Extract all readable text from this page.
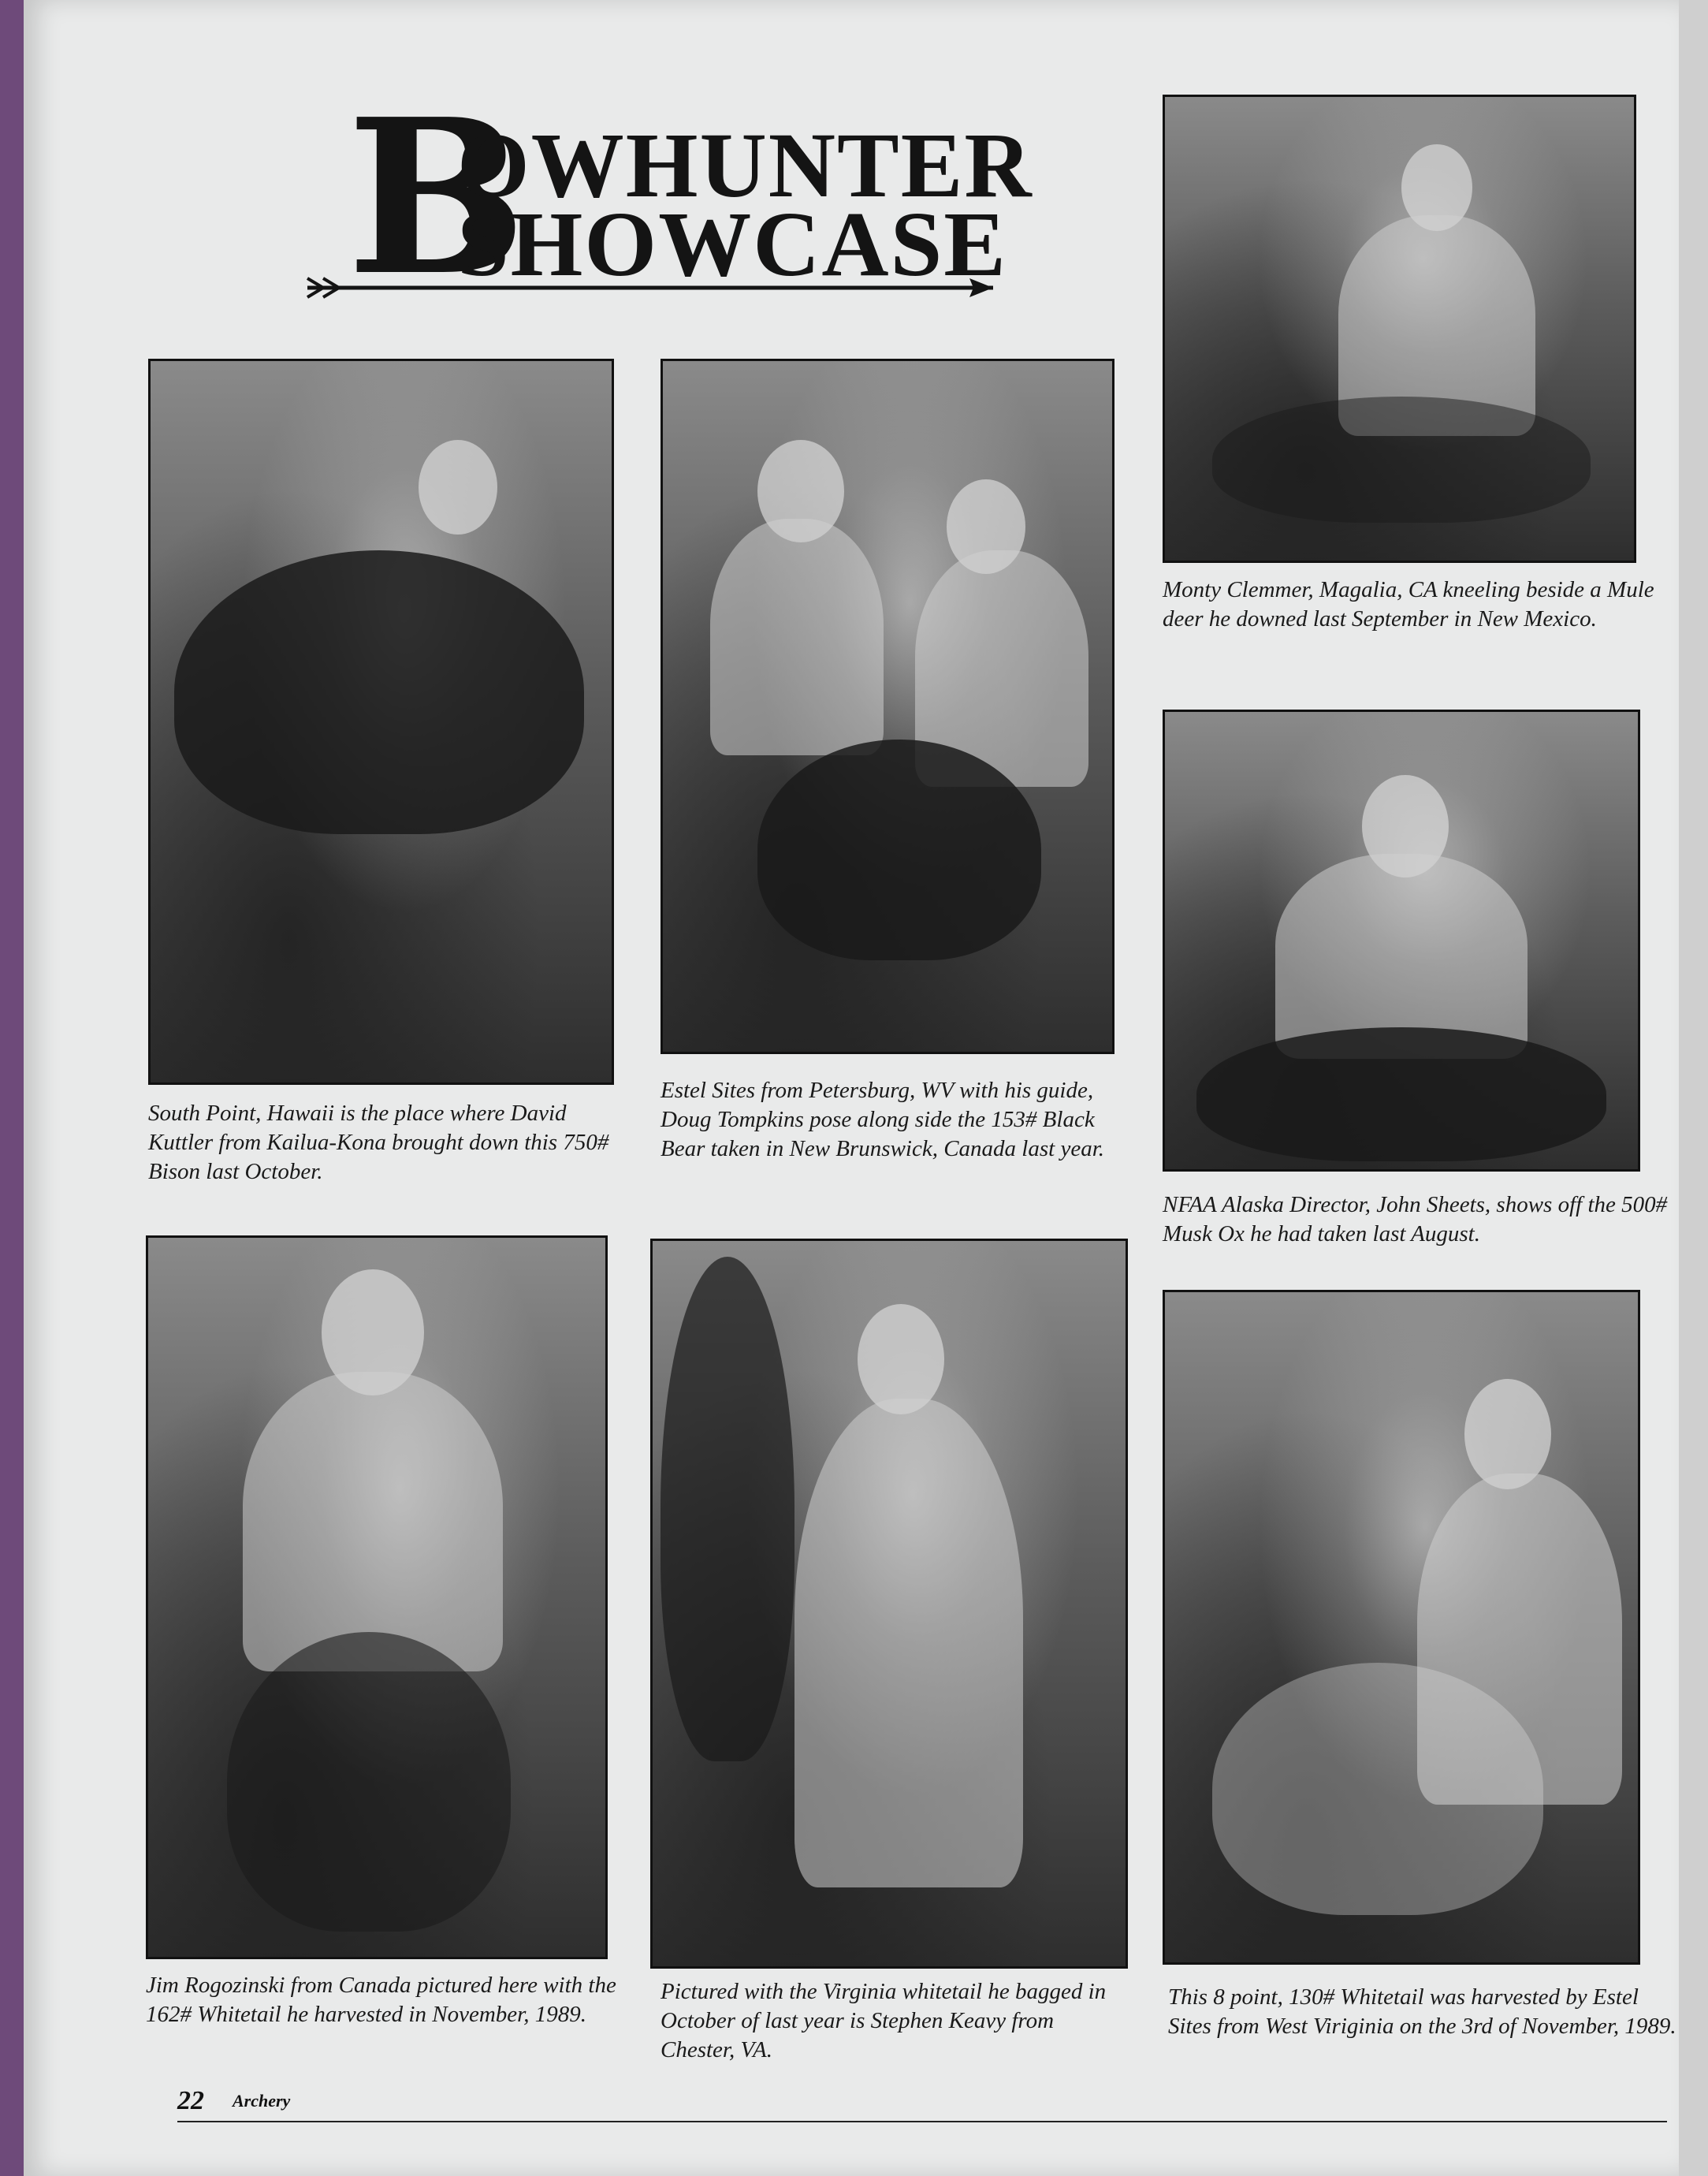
B
OWHUNTER
SHOWCASE
South Point, Hawaii is the place where David Kuttler from Kailua-Kona brought down this 750# Bison last October.
Estel Sites from Petersburg, WV with his guide, Doug Tompkins pose along side the 153# Black Bear taken in New Brunswick, Canada last year.
Monty Clemmer, Magalia, CA kneeling beside a Mule deer he downed last September in New Mexico.
NFAA Alaska Director, John Sheets, shows off the 500# Musk Ox he had taken last August.
Jim Rogozinski from Canada pictured here with the 162# Whitetail he harvested in November, 1989.
Pictured with the Virginia whitetail he bagged in October of last year is Stephen Keavy from Chester, VA.
This 8 point, 130# Whitetail was harvested by Estel Sites from West Viriginia on the 3rd of November, 1989.
22 Archery
